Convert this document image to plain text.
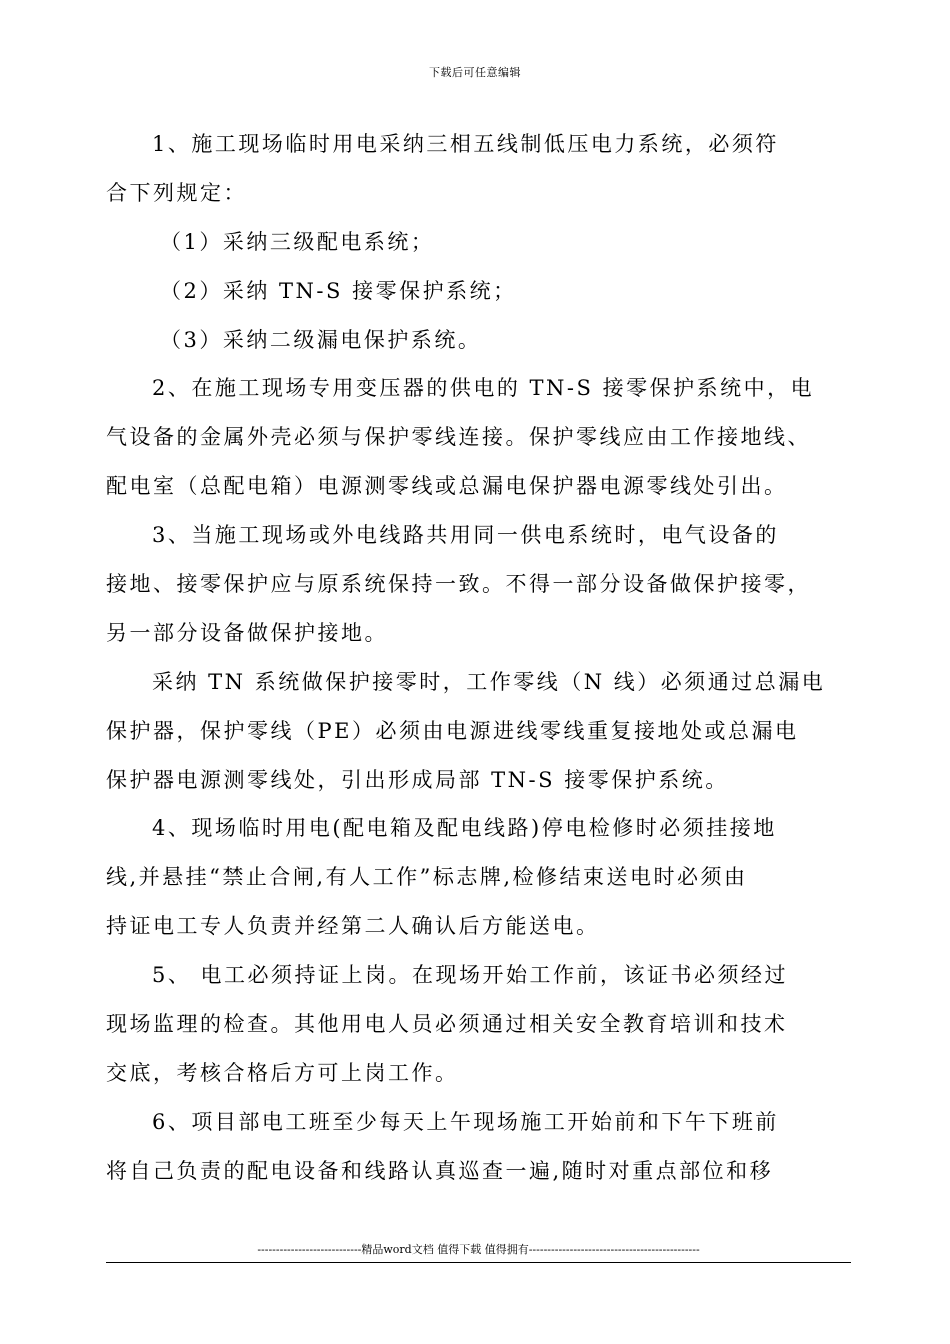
下载后可任意编辑
1、施工现场临时用电采纳三相五线制低压电力系统，必须符
合下列规定：
（1）采纳三级配电系统；
（2）采纳 TN-S 接零保护系统；
（3）采纳二级漏电保护系统。
2、在施工现场专用变压器的供电的 TN-S 接零保护系统中，电
气设备的金属外壳必须与保护零线连接。保护零线应由工作接地线、
配电室（总配电箱）电源测零线或总漏电保护器电源零线处引出。
3、当施工现场或外电线路共用同一供电系统时，电气设备的
接地、接零保护应与原系统保持一致。不得一部分设备做保护接零，
另一部分设备做保护接地。
采纳 TN 系统做保护接零时，工作零线（N 线）必须通过总漏电
保护器，保护零线（PE）必须由电源进线零线重复接地处或总漏电
保护器电源测零线处，引出形成局部 TN-S 接零保护系统。
4、现场临时用电(配电箱及配电线路)停电检修时必须挂接地
线,并悬挂“禁止合闸,有人工作”标志牌,检修结束送电时必须由
持证电工专人负责并经第二人确认后方能送电。
5、 电工必须持证上岗。在现场开始工作前，该证书必须经过
现场监理的检查。其他用电人员必须通过相关安全教育培训和技术
交底，考核合格后方可上岗工作。
6、项目部电工班至少每天上午现场施工开始前和下午下班前
将自己负责的配电设备和线路认真巡查一遍,随时对重点部位和移
----------------------------精品word文档 值得下载 值得拥有----------------------------------------------
